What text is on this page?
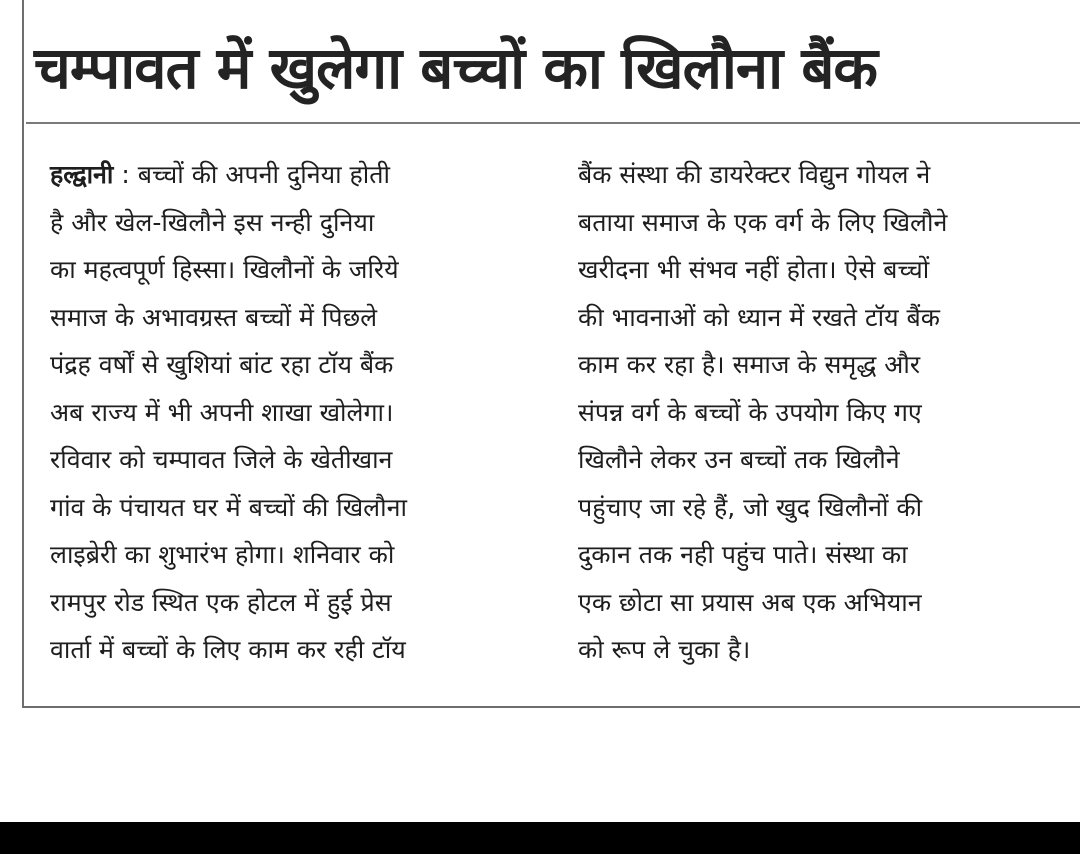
चम्पावत में खुलेगा बच्चों का खिलौना बैंक
हल्द्वानी : बच्चों की अपनी दुनिया होती
है और खेल-खिलौने इस नन्ही दुनिया
का महत्वपूर्ण हिस्सा। खिलौनों के जरिये
समाज के अभावग्रस्त बच्चों में पिछले
पंद्रह वर्षों से खुशियां बांट रहा टॉय बैंक
अब राज्य में भी अपनी शाखा खोलेगा।
रविवार को चम्पावत जिले के खेतीखान
गांव के पंचायत घर में बच्चों की खिलौना
लाइब्रेरी का शुभारंभ होगा। शनिवार को
रामपुर रोड स्थित एक होटल में हुई प्रेस
वार्ता में बच्चों के लिए काम कर रही टॉय
बैंक संस्था की डायरेक्टर विद्युन गोयल ने
बताया समाज के एक वर्ग के लिए खिलौने
खरीदना भी संभव नहीं होता। ऐसे बच्चों
की भावनाओं को ध्यान में रखते टॉय बैंक
काम कर रहा है। समाज के समृद्ध और
संपन्न वर्ग के बच्चों के उपयोग किए गए
खिलौने लेकर उन बच्चों तक खिलौने
पहुंचाए जा रहे हैं, जो खुद खिलौनों की
दुकान तक नही पहुंच पाते। संस्था का
एक छोटा सा प्रयास अब एक अभियान
को रूप ले चुका है।
